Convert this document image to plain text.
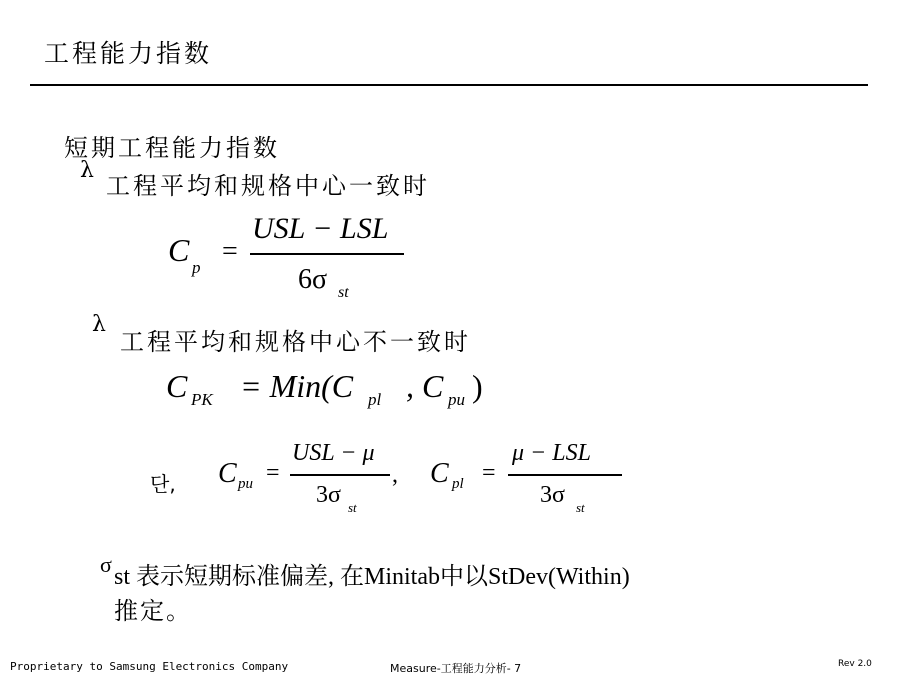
工程能力指数
短期工程能力指数
λ
工程平均和规格中心一致时
C p
=
USL − LSL
6σ st
λ
工程平均和规格中心不一致时
C PK = Min(C pl , C pu )
단, C pu =
USL − μ
3σ st
, C pl =
μ − LSL
3σ st
σ st 表示短期标准偏差, 在Minitab中以StDev(Within)
推定。
Proprietary to Samsung Electronics Company	Measure-工程能力分析- 7	Rev 2.0
